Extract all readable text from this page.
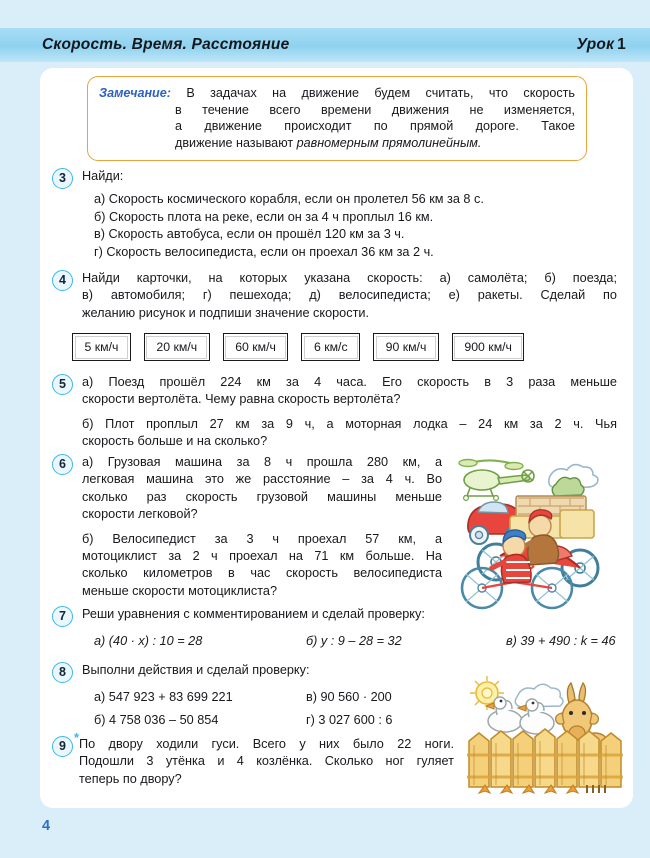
Скорость. Время. Расстояние	Урок 1

Замечание: В задачах на движение будем считать, что скорость

в течение всего времени движения не изменяется,

а движение происходит по прямой дороге. Такое

движение называют равномерным прямолинейным.

3	Найди:

а) Скорость космического корабля, если он пролетел 56 км за 8 с.

б) Скорость плота на реке, если он за 4 ч проплыл 16 км.

в) Скорость автобуса, если он прошёл 120 км за 3 ч.

г) Скорость велосипедиста, если он проехал 36 км за 2 ч.

4	Найди карточки, на которых указана скорость: а) самолёта; б) поезда;

в) автомобиля; г) пешехода; д) велосипедиста; е) ракеты. Сделай по

желанию рисунок и подпиши значение скорости.

5 км/ч	20 км/ч	60 км/ч	6 км/с	90 км/ч	900 км/ч
5	а) Поезд прошёл 224 км за 4 часа. Его скорость в 3 раза меньше

скорости вертолёта. Чему равна скорость вертолёта?

б) Плот проплыл 27 км за 9 ч, а моторная лодка – 24 км за 2 ч. Чья

скорость больше и на сколько?

6	а) Грузовая машина за 8 ч прошла 280 км, а

легковая машина это же расстояние – за 4 ч. Во

сколько раз скорость грузовой машины меньше

скорости легковой?

б) Велосипедист за 3 ч проехал 57 км, а

мотоциклист за 2 ч проехал на 71 км больше. На

сколько километров в час скорость велосипедиста

меньше скорости мотоциклиста?

7	Реши уравнения с комментированием и сделай проверку:

а) (40 · x) : 10 = 28	б) y : 9 – 28 = 32	в) 39 + 490 : k = 46
8	Выполни действия и сделай проверку:

а) 547 923 + 83 699 221	в) 90 560 · 200
б) 4 758 036 – 50 854	г) 3 027 600 : 6
9
* По двору ходили гуси. Всего у них было 22 ноги.

Подошли 3 утёнка и 4 козлёнка. Сколько ног гуляет

теперь по двору?

4
